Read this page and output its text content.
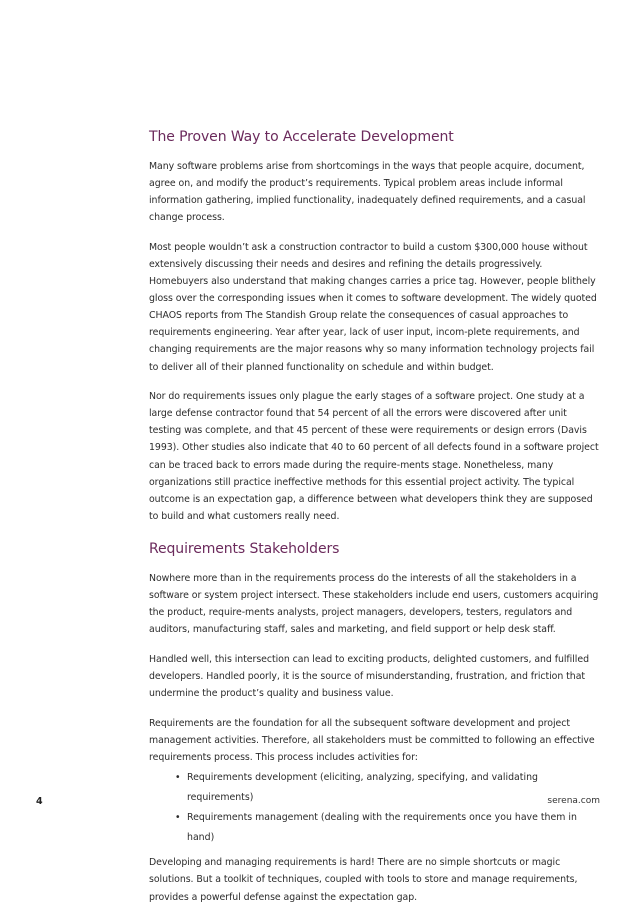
The Proven Way to Accelerate Development

Many software problems arise from shortcomings in the ways that people acquire, document, agree on, and modify the product’s requirements. Typical problem areas include informal information gathering, implied functionality, inadequately defined requirements, and a casual change process.

Most people wouldn’t ask a construction contractor to build a custom $300,000 house without extensively discussing their needs and desires and refining the details progressively. Homebuyers also understand that making changes carries a price tag. However, people blithely gloss over the corresponding issues when it comes to software development. The widely quoted CHAOS reports from The Standish Group relate the consequences of casual approaches to requirements engineering. Year after year, lack of user input, incom-plete requirements, and changing requirements are the major reasons why so many information technology projects fail to deliver all of their planned functionality on schedule and within budget.

Nor do requirements issues only plague the early stages of a software project. One study at a large defense contractor found that 54 percent of all the errors were discovered after unit testing was complete, and that 45 percent of these were requirements or design errors (Davis 1993). Other studies also indicate that 40 to 60 percent of all defects found in a software project can be traced back to errors made during the require-ments stage. Nonetheless, many organizations still practice ineffective methods for this essential project activity. The typical outcome is an expectation gap, a difference between what developers think they are supposed to build and what customers really need.

Requirements Stakeholders

Nowhere more than in the requirements process do the interests of all the stakeholders in a software or system project intersect. These stakeholders include end users, customers acquiring the product, require-ments analysts, project managers, developers, testers, regulators and auditors, manufacturing staff, sales and marketing, and field support or help desk staff.

Handled well, this intersection can lead to exciting products, delighted customers, and fulfilled developers. Handled poorly, it is the source of misunderstanding, frustration, and friction that undermine the product’s quality and business value.

Requirements are the foundation for all the subsequent software development and project management activities. Therefore, all stakeholders must be committed to following an effective requirements process. This process includes activities for:

• Requirements development (eliciting, analyzing, specifying, and validating requirements)
• Requirements management (dealing with the requirements once you have them in hand)

Developing and managing requirements is hard! There are no simple shortcuts or magic solutions. But a toolkit of techniques, coupled with tools to store and manage requirements, provides a powerful defense against the expectation gap.

4	serena.com
